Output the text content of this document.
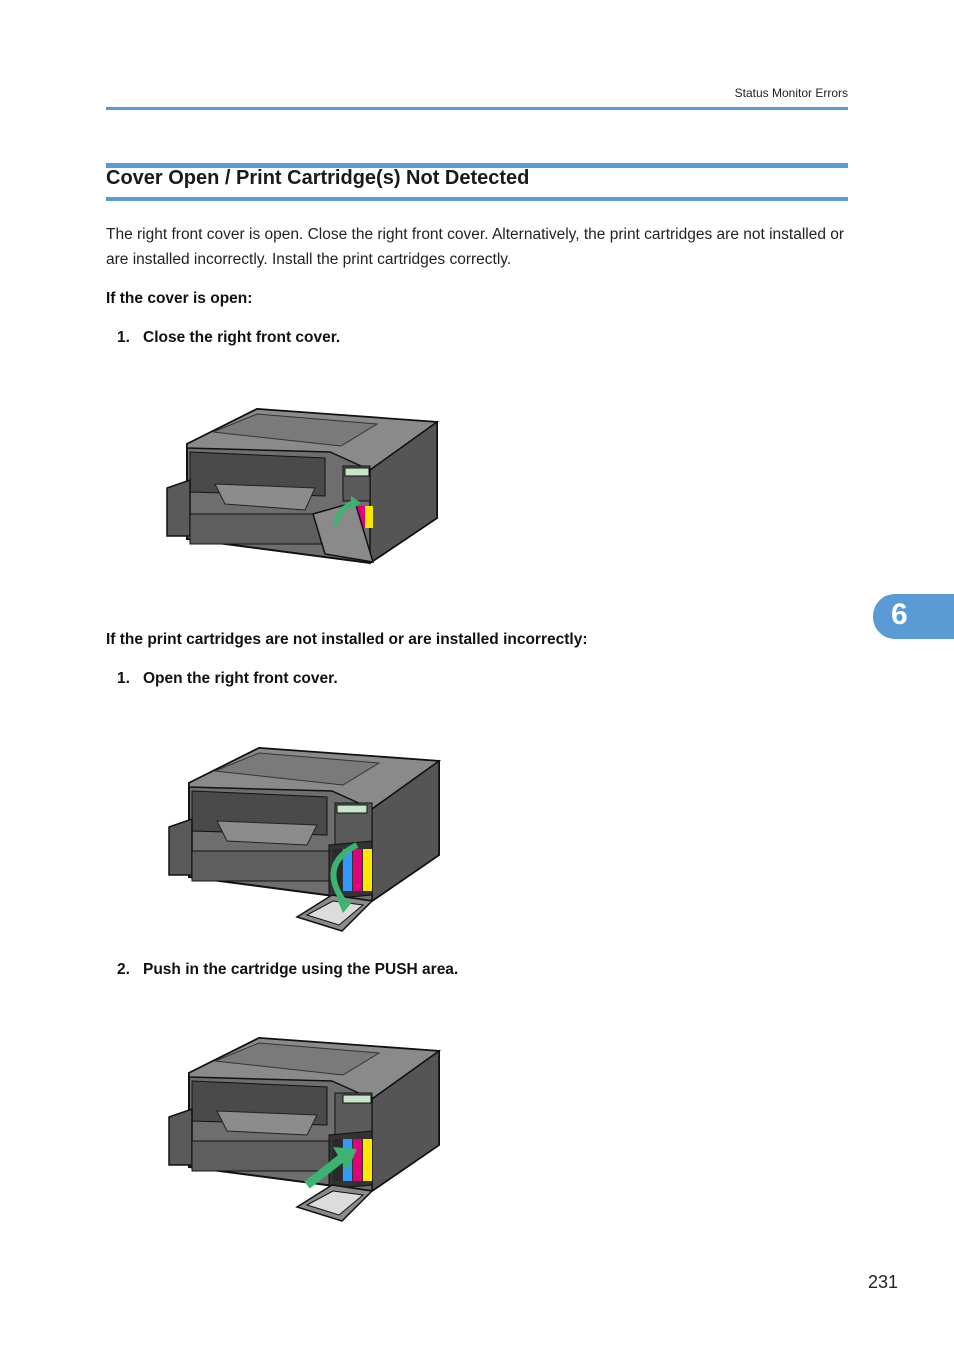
Status Monitor Errors
Cover Open / Print Cartridge(s) Not Detected
The right front cover is open. Close the right front cover. Alternatively, the print cartridges are not installed or are installed incorrectly. Install the print cartridges correctly.
If the cover is open:
1. Close the right front cover.
If the print cartridges are not installed or are installed incorrectly:
1. Open the right front cover.
2. Push in the cartridge using the PUSH area.
6
231
